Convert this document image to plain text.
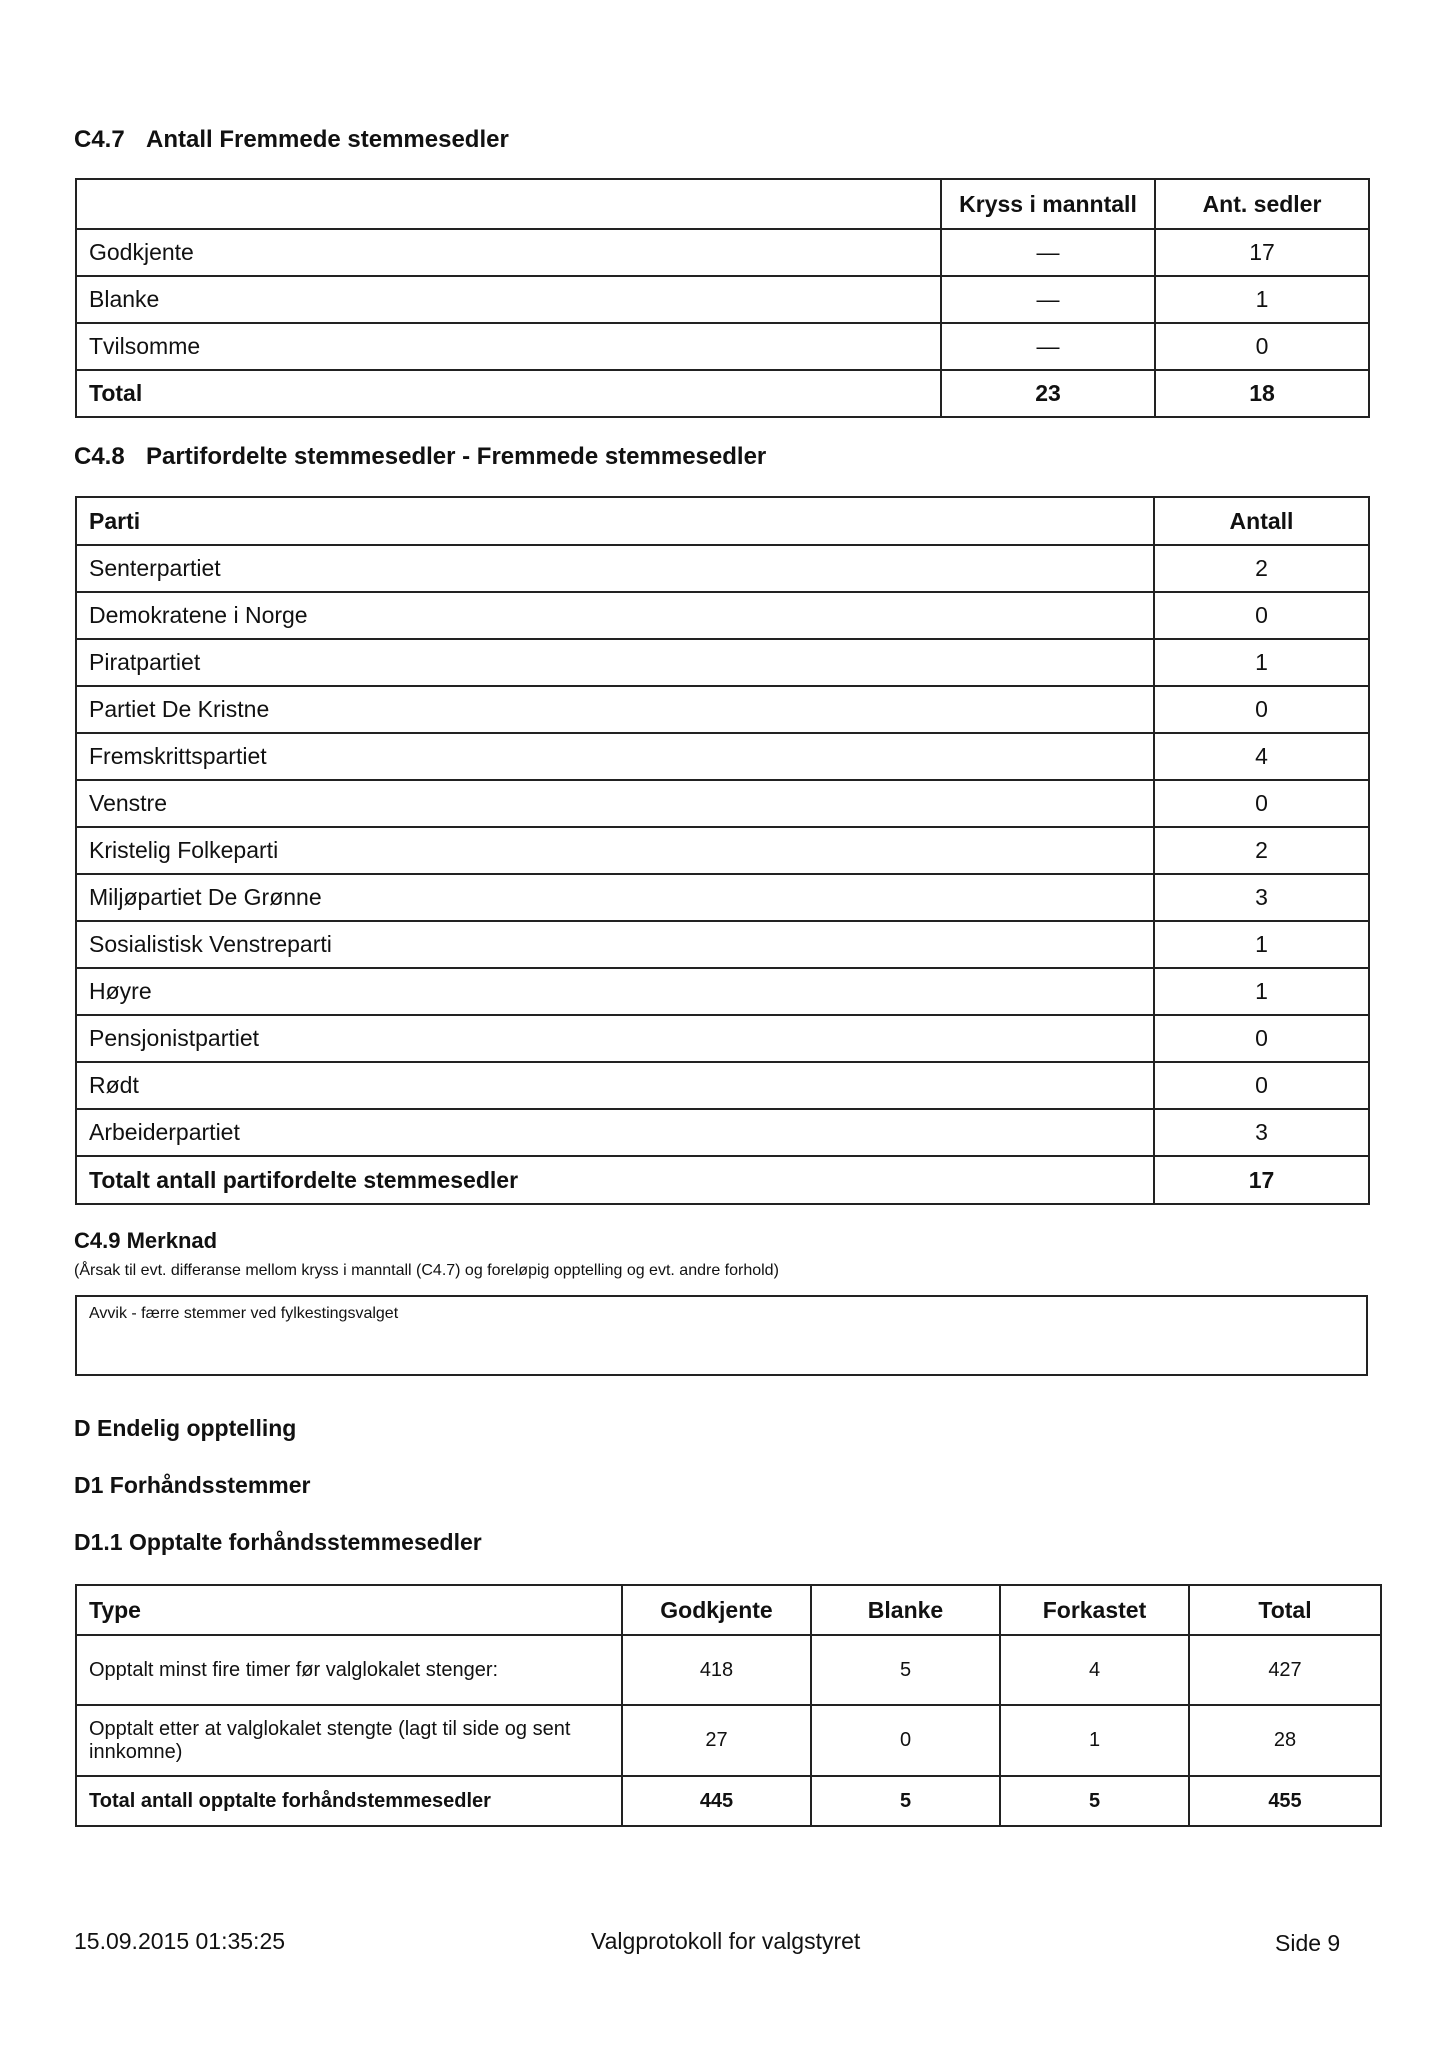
C4.7 Antall Fremmede stemmesedler
	Kryss i manntall	Ant. sedler
Godkjente	—	17
Blanke	—	1
Tvilsomme	—	0
Total	23	18
C4.8 Partifordelte stemmesedler - Fremmede stemmesedler
Parti	Antall
Senterpartiet	2
Demokratene i Norge	0
Piratpartiet	1
Partiet De Kristne	0
Fremskrittspartiet	4
Venstre	0
Kristelig Folkeparti	2
Miljøpartiet De Grønne	3
Sosialistisk Venstreparti	1
Høyre	1
Pensjonistpartiet	0
Rødt	0
Arbeiderpartiet	3
Totalt antall partifordelte stemmesedler	17
C4.9 Merknad
(Årsak til evt. differanse mellom kryss i manntall (C4.7) og foreløpig opptelling og evt. andre forhold)
Avvik - færre stemmer ved fylkestingsvalget
D Endelig opptelling
D1 Forhåndsstemmer
D1.1 Opptalte forhåndsstemmesedler
Type	Godkjente	Blanke	Forkastet	Total
Opptalt minst fire timer før valglokalet stenger:	418	5	4	427
Opptalt etter at valglokalet stengte (lagt til side og sent innkomne)	27	0	1	28
Total antall opptalte forhåndstemmesedler	445	5	5	455
15.09.2015 01:35:25	Valgprotokoll for valgstyret	Side 9
